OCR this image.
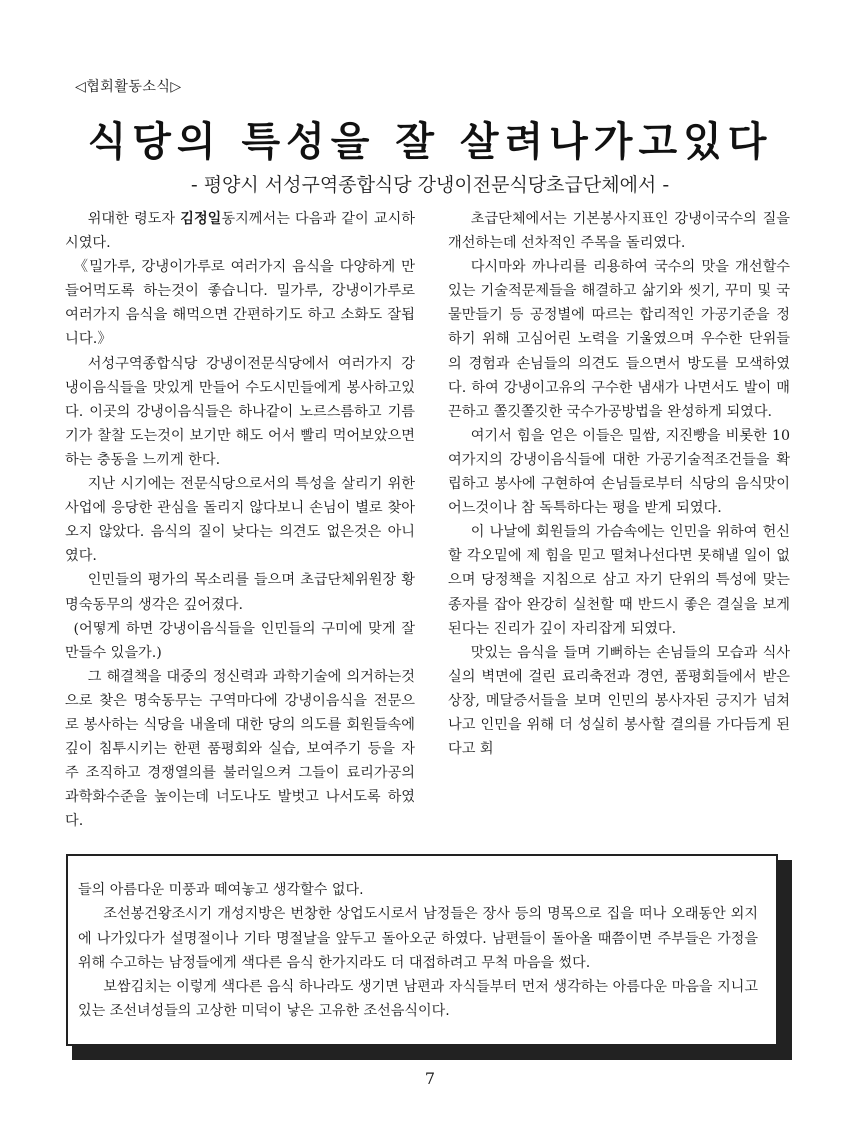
◁협회활동소식▷
식당의 특성을 잘 살려나가고있다
- 평양시 서성구역종합식당 강냉이전문식당초급단체에서 -

위대한 령도자 김정일동지께서는 다음과 같이 교시하시였다.

《밀가루, 강냉이가루로 여러가지 음식을 다양하게 만들어먹도록 하는것이 좋습니다. 밀가루, 강냉이가루로 여러가지 음식을 해먹으면 간편하기도 하고 소화도 잘됩니다.》

서성구역종합식당 강냉이전문식당에서 여러가지 강냉이음식들을 맛있게 만들어 수도시민들에게 봉사하고있다. 이곳의 강냉이음식들은 하나같이 노르스름하고 기름기가 찰찰 도는것이 보기만 해도 어서 빨리 먹어보았으면 하는 충동을 느끼게 한다.

지난 시기에는 전문식당으로서의 특성을 살리기 위한 사업에 응당한 관심을 돌리지 않다보니 손님이 별로 찾아오지 않았다. 음식의 질이 낮다는 의견도 없은것은 아니였다.

인민들의 평가의 목소리를 들으며 초급단체위원장 황명숙동무의 생각은 깊어졌다.

(어떻게 하면 강냉이음식들을 인민들의 구미에 맞게 잘 만들수 있을가.)

그 해결책을 대중의 정신력과 과학기술에 의거하는것으로 찾은 명숙동무는 구역마다에 강냉이음식을 전문으로 봉사하는 식당을 내올데 대한 당의 의도를 회원들속에 깊이 침투시키는 한편 품평회와 실습, 보여주기 등을 자주 조직하고 경쟁열의를 불러일으켜 그들이 료리가공의 과학화수준을 높이는데 너도나도 발벗고 나서도록 하였다.

초급단체에서는 기본봉사지표인 강냉이국수의 질을 개선하는데 선차적인 주목을 돌리였다.

다시마와 까나리를 리용하여 국수의 맛을 개선할수 있는 기술적문제들을 해결하고 삶기와 씻기, 꾸미 및 국물만들기 등 공정별에 따르는 합리적인 가공기준을 정하기 위해 고심어린 노력을 기울였으며 우수한 단위들의 경험과 손님들의 의견도 들으면서 방도를 모색하였다. 하여 강냉이고유의 구수한 냄새가 나면서도 발이 매끈하고 쫄깃쫄깃한 국수가공방법을 완성하게 되였다.

여기서 힘을 얻은 이들은 밀쌈, 지진빵을 비롯한 10여가지의 강냉이음식들에 대한 가공기술적조건들을 확립하고 봉사에 구현하여 손님들로부터 식당의 음식맛이 어느것이나 참 독특하다는 평을 받게 되였다.

이 나날에 회원들의 가슴속에는 인민을 위하여 헌신할 각오밑에 제 힘을 믿고 떨쳐나선다면 못해낼 일이 없으며 당정책을 지침으로 삼고 자기 단위의 특성에 맞는 종자를 잡아 완강히 실천할 때 반드시 좋은 결실을 보게 된다는 진리가 깊이 자리잡게 되였다.

맛있는 음식을 들며 기뻐하는 손님들의 모습과 식사실의 벽면에 걸린 료리축전과 경연, 품평회들에서 받은 상장, 메달증서들을 보며 인민의 봉사자된 긍지가 넘쳐나고 인민을 위해 더 성실히 봉사할 결의를 가다듬게 된다고 회

들의 아름다운 미풍과 떼여놓고 생각할수 없다.

조선봉건왕조시기 개성지방은 번창한 상업도시로서 남정들은 장사 등의 명목으로 집을 떠나 오래동안 외지에 나가있다가 설명절이나 기타 명절날을 앞두고 돌아오군 하였다. 남편들이 돌아올 때쯤이면 주부들은 가정을 위해 수고하는 남정들에게 색다른 음식 한가지라도 더 대접하려고 무척 마음을 썼다.

보쌈김치는 이렇게 색다른 음식 하나라도 생기면 남편과 자식들부터 먼저 생각하는 아름다운 마음을 지니고있는 조선녀성들의 고상한 미덕이 낳은 고유한 조선음식이다.

7
